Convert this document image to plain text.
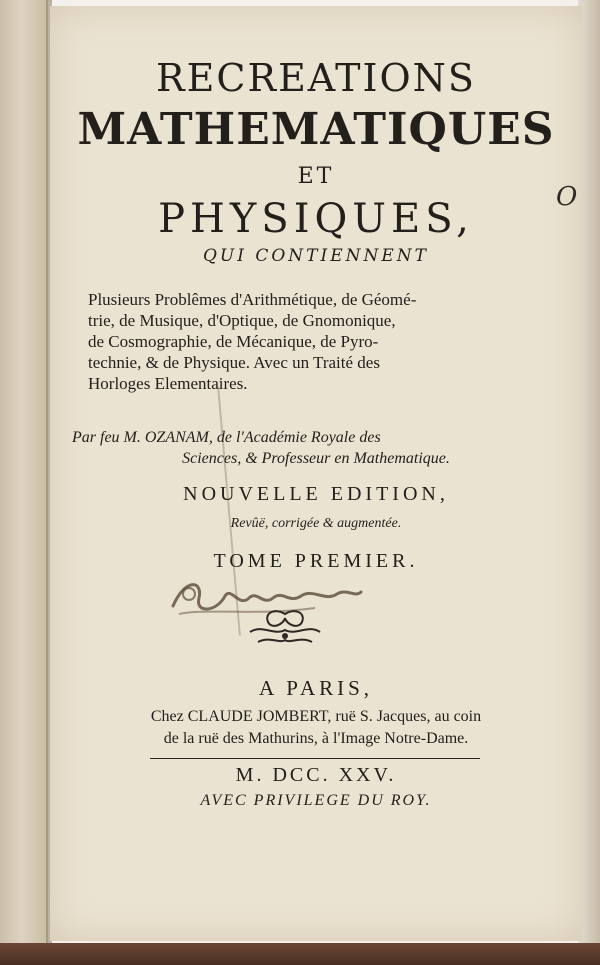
RECREATIONS
MATHEMATIQUES
ET
PHYSIQUES,
QUI CONTIENNENT
Plusieurs Problêmes d'Arithmétique, de Géomé-
trie, de Musique, d'Optique, de Gnomonique,
de Cosmographie, de Mécanique, de Pyro-
technie, & de Physique. Avec un Traité des
Horloges Elementaires.
Par feu M. OZANAM, de l'Académie Royale des
Sciences, & Professeur en Mathematique.
NOUVELLE EDITION,
Revûë, corrigée & augmentée.
TOME PREMIER.
A PARIS,
Chez CLAUDE JOMBERT, ruë S. Jacques, au coin
de la ruë des Mathurins, à l'Image Notre-Dame.
M. DCC. XXV.
AVEC PRIVILEGE DU ROY.
O
